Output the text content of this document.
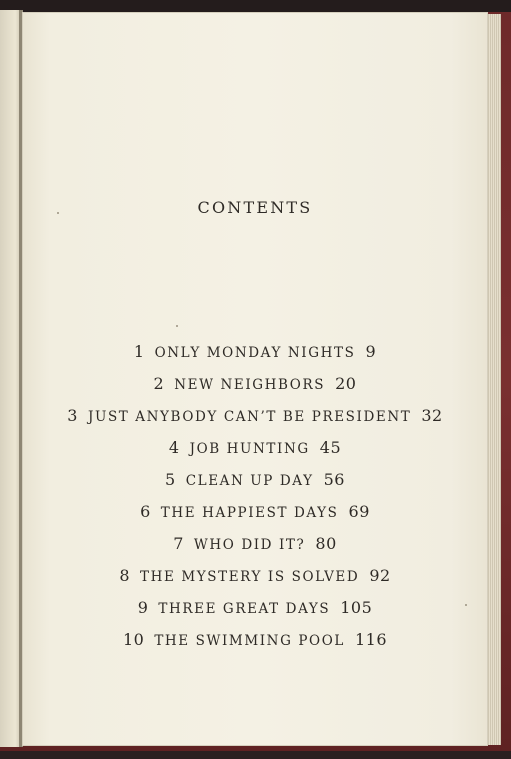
CONTENTS
1 ONLY MONDAY NIGHTS 9
2 NEW NEIGHBORS 20
3 JUST ANYBODY CAN’T BE PRESIDENT 32
4 JOB HUNTING 45
5 CLEAN UP DAY 56
6 THE HAPPIEST DAYS 69
7 WHO DID IT? 80
8 THE MYSTERY IS SOLVED 92
9 THREE GREAT DAYS 105
10 THE SWIMMING POOL 116
